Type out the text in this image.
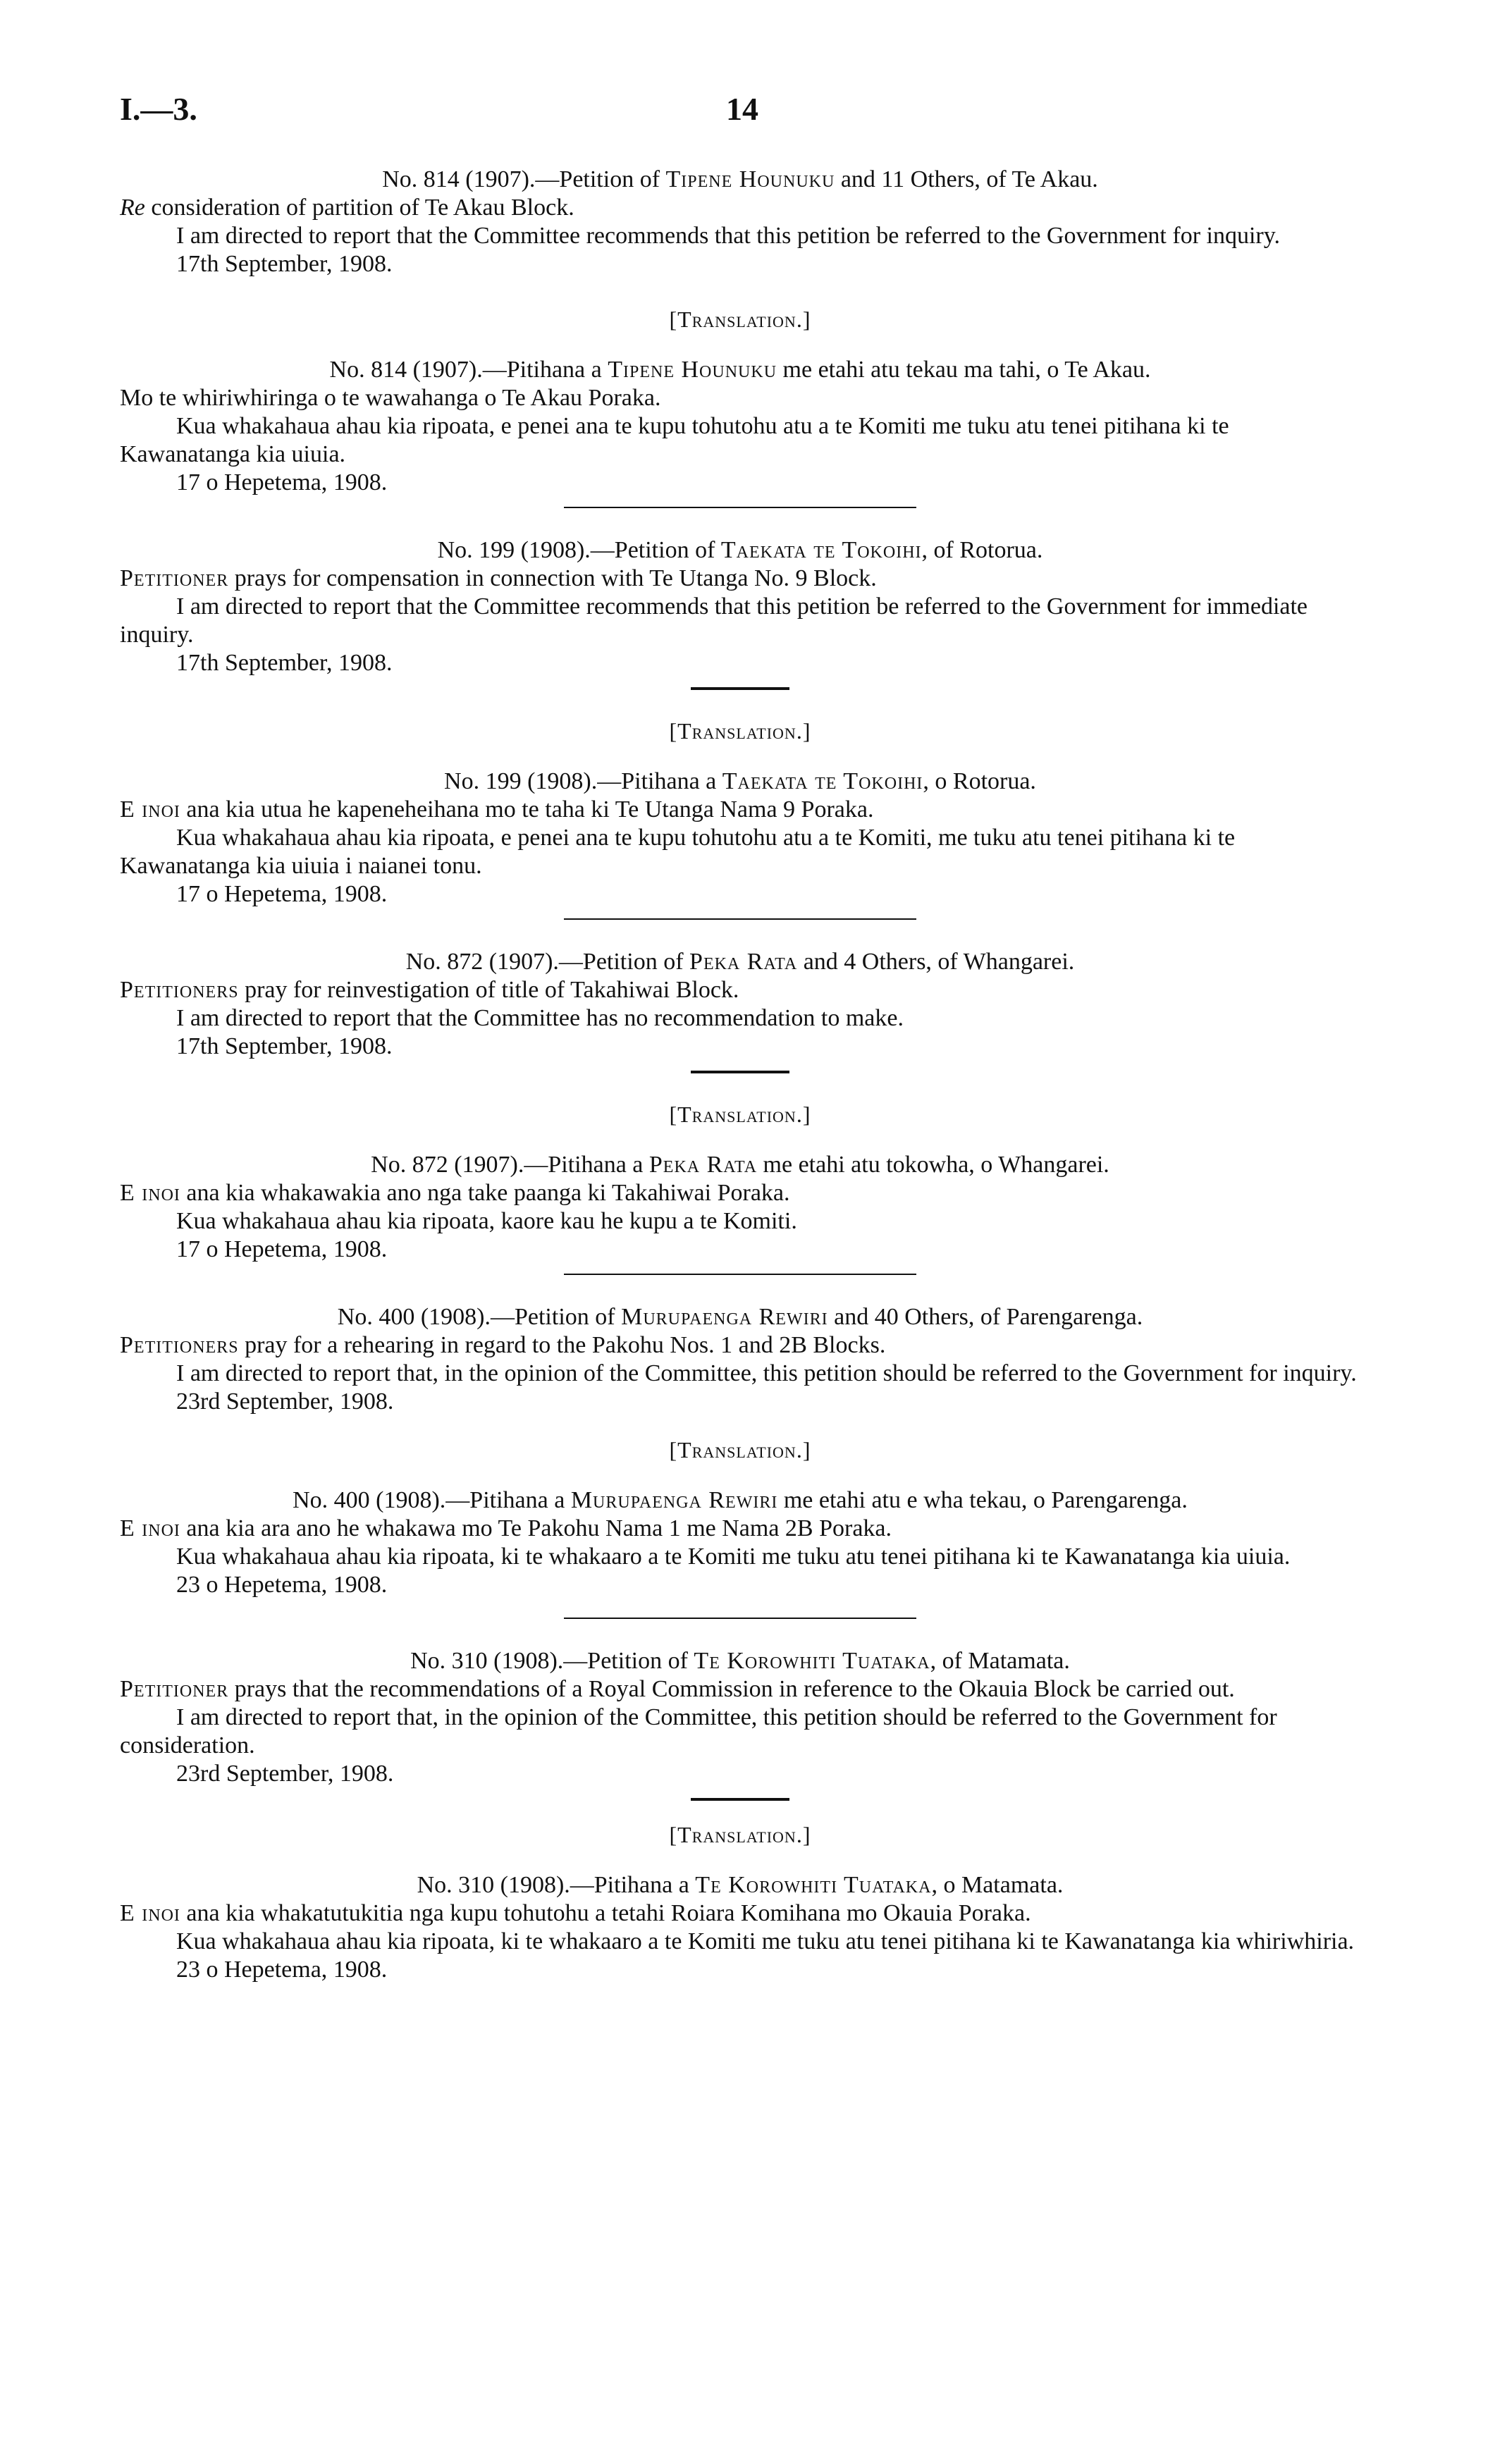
I.—3.	14

No. 814 (1907).—Petition of Tipene Hounuku and 11 Others, of Te Akau.

Re consideration of partition of Te Akau Block.

I am directed to report that the Committee recommends that this petition be referred to the Government for inquiry.

17th September, 1908.

[Translation.]

No. 814 (1907).—Pitihana a Tipene Hounuku me etahi atu tekau ma tahi, o Te Akau.

Mo te whiriwhiringa o te wawahanga o Te Akau Poraka.

Kua whakahaua ahau kia ripoata, e penei ana te kupu tohutohu atu a te Komiti me tuku atu tenei pitihana ki te Kawanatanga kia uiuia.

17 o Hepetema, 1908.

No. 199 (1908).—Petition of Taekata te Tokoihi, of Rotorua.

Petitioner prays for compensation in connection with Te Utanga No. 9 Block.

I am directed to report that the Committee recommends that this petition be referred to the Government for immediate inquiry.

17th September, 1908.

[Translation.]

No. 199 (1908).—Pitihana a Taekata te Tokoihi, o Rotorua.

E inoi ana kia utua he kapeneheihana mo te taha ki Te Utanga Nama 9 Poraka.

Kua whakahaua ahau kia ripoata, e penei ana te kupu tohutohu atu a te Komiti, me tuku atu tenei pitihana ki te Kawanatanga kia uiuia i naianei tonu.

17 o Hepetema, 1908.

No. 872 (1907).—Petition of Peka Rata and 4 Others, of Whangarei.

Petitioners pray for reinvestigation of title of Takahiwai Block.

I am directed to report that the Committee has no recommendation to make.

17th September, 1908.

[Translation.]

No. 872 (1907).—Pitihana a Peka Rata me etahi atu tokowha, o Whangarei.

E inoi ana kia whakawakia ano nga take paanga ki Takahiwai Poraka.

Kua whakahaua ahau kia ripoata, kaore kau he kupu a te Komiti.

17 o Hepetema, 1908.

No. 400 (1908).—Petition of Murupaenga Rewiri and 40 Others, of Parengarenga.

Petitioners pray for a rehearing in regard to the Pakohu Nos. 1 and 2B Blocks.

I am directed to report that, in the opinion of the Committee, this petition should be referred to the Government for inquiry.

23rd September, 1908.

[Translation.]

No. 400 (1908).—Pitihana a Murupaenga Rewiri me etahi atu e wha tekau, o Parengarenga.

E inoi ana kia ara ano he whakawa mo Te Pakohu Nama 1 me Nama 2B Poraka.

Kua whakahaua ahau kia ripoata, ki te whakaaro a te Komiti me tuku atu tenei pitihana ki te Kawanatanga kia uiuia.

23 o Hepetema, 1908.

No. 310 (1908).—Petition of Te Korowhiti Tuataka, of Matamata.

Petitioner prays that the recommendations of a Royal Commission in reference to the Okauia Block be carried out.

I am directed to report that, in the opinion of the Committee, this petition should be referred to the Government for consideration.

23rd September, 1908.

[Translation.]

No. 310 (1908).—Pitihana a Te Korowhiti Tuataka, o Matamata.

E inoi ana kia whakatutukitia nga kupu tohutohu a tetahi Roiara Komihana mo Okauia Poraka.

Kua whakahaua ahau kia ripoata, ki te whakaaro a te Komiti me tuku atu tenei pitihana ki te Kawanatanga kia whiriwhiria.

23 o Hepetema, 1908.
